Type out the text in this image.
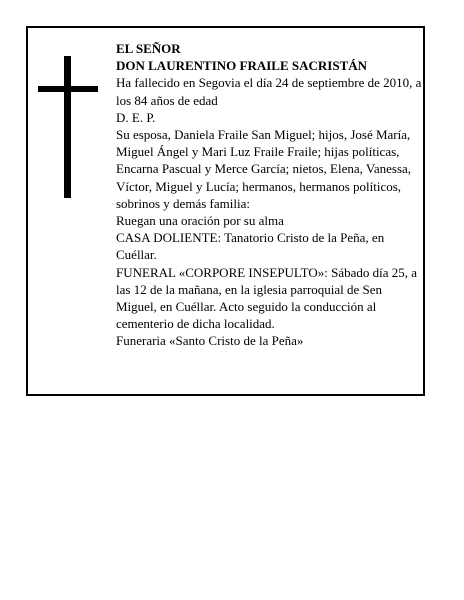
EL SEÑOR

DON LAURENTINO FRAILE SACRISTÁN

Ha fallecido en Segovia el día 24 de septiembre de 2010, a los 84 años de edad

D. E. P.

Su esposa, Daniela Fraile San Miguel; hijos, José María, Miguel Ángel y Mari Luz Fraile Fraile; hijas políticas, Encarna Pascual y Merce García; nietos, Elena, Vanessa, Víctor, Miguel y Lucía; hermanos, hermanos políticos, sobrinos y demás familia:

Ruegan una oración por su alma

CASA DOLIENTE: Tanatorio Cristo de la Peña, en Cuéllar.

FUNERAL «CORPORE INSEPULTO»: Sábado día 25, a las 12 de la mañana, en la iglesia parroquial de Sen Miguel, en Cuéllar. Acto seguido la conducción al cementerio de dicha localidad.

Funeraria «Santo Cristo de la Peña»
